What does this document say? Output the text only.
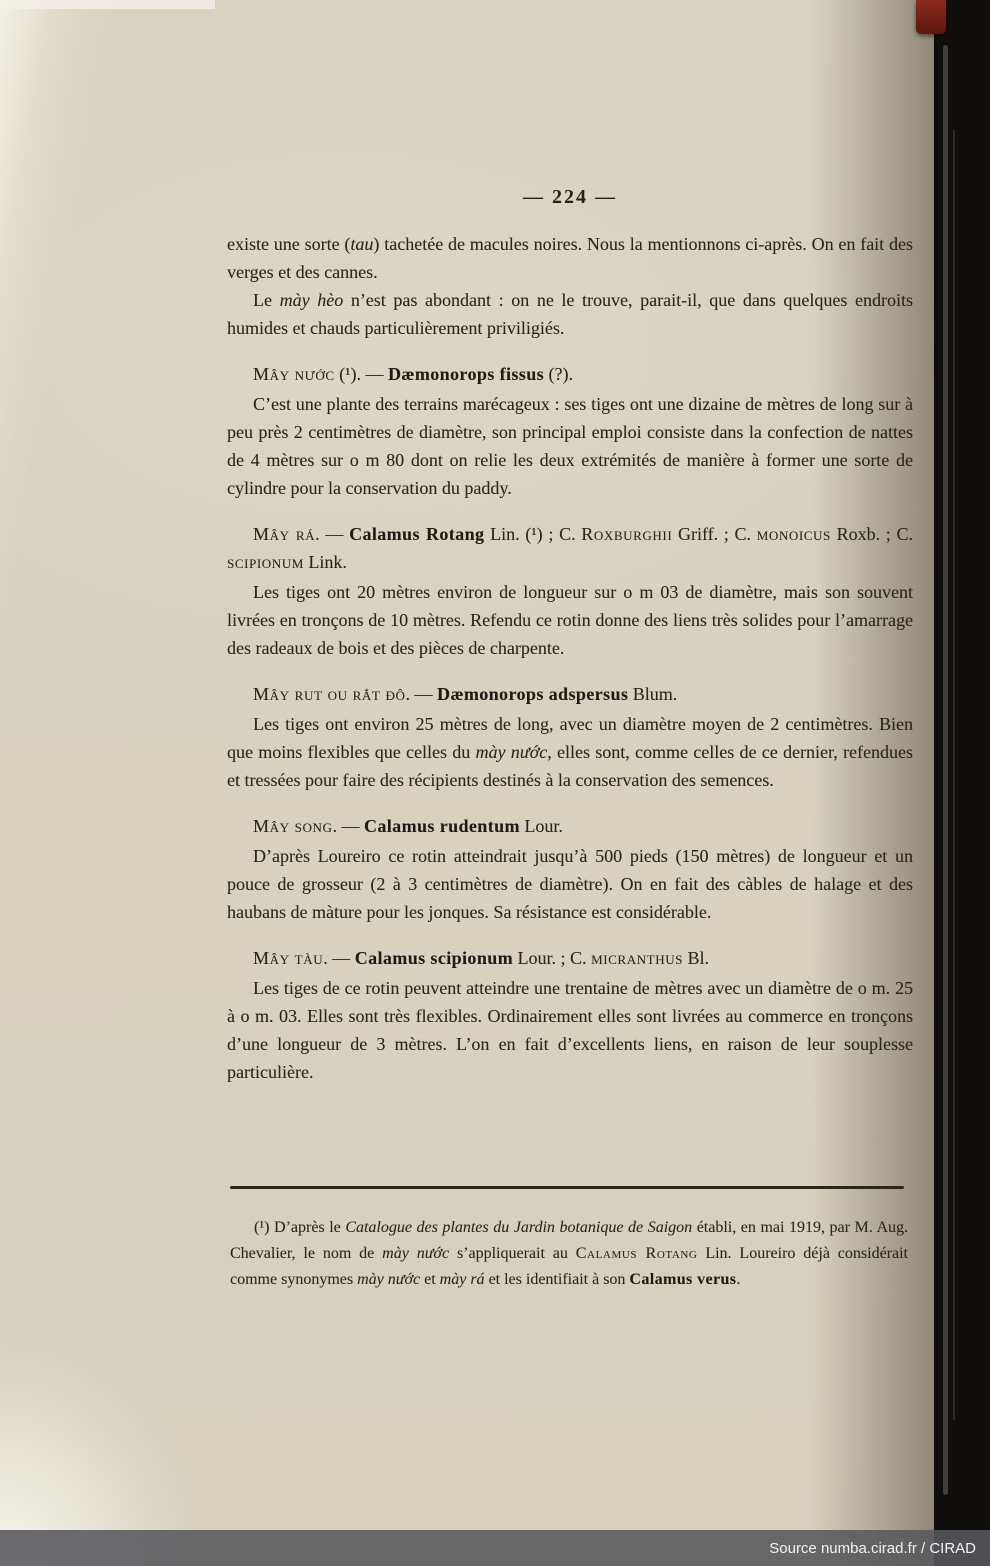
— 224 —

existe une sorte (tau) tachetée de macules noires. Nous la mentionnons ci-après. On en fait des verges et des cannes.

Le mày hèo n’est pas abondant : on ne le trouve, parait-il, que dans quelques endroits humides et chauds particulièrement priviligiés.

Mây nước (¹). — Dæmonorops fissus (?).

C’est une plante des terrains marécageux : ses tiges ont une dizaine de mètres de long sur à peu près 2 centimètres de diamètre, son principal emploi consiste dans la confection de nattes de 4 mètres sur o m 80 dont on relie les deux extrémités de manière à former une sorte de cylindre pour la conservation du paddy.

Mây rá. — Calamus Rotang Lin. (¹) ; C. Roxburghii Griff. ; C. monoicus Roxb. ; C. scipionum Link.

Les tiges ont 20 mètres environ de longueur sur o m 03 de diamètre, mais son souvent livrées en tronçons de 10 mètres. Refendu ce rotin donne des liens très solides pour l’amarrage des radeaux de bois et des pièces de charpente.

Mây rut ou rắt đô. — Dæmonorops adspersus Blum.

Les tiges ont environ 25 mètres de long, avec un diamètre moyen de 2 centimètres. Bien que moins flexibles que celles du mày nước, elles sont, comme celles de ce dernier, refendues et tressées pour faire des récipients destinés à la conservation des semences.

Mây song. — Calamus rudentum Lour.

D’après Loureiro ce rotin atteindrait jusqu’à 500 pieds (150 mètres) de longueur et un pouce de grosseur (2 à 3 centimètres de diamètre). On en fait des càbles de halage et des haubans de màture pour les jonques. Sa résistance est considérable.

Mây tàu. — Calamus scipionum Lour. ; C. micranthus Bl.

Les tiges de ce rotin peuvent atteindre une trentaine de mètres avec un diamètre de o m. 25 à o m. 03. Elles sont très flexibles. Ordinairement elles sont livrées au commerce en tronçons d’une longueur de 3 mètres. L’on en fait d’excellents liens, en raison de leur souplesse particulière.

(¹) D’après le Catalogue des plantes du Jardin botanique de Saigon établi, en mai 1919, par M. Aug. Chevalier, le nom de mày nước s’appliquerait au Calamus Rotang Lin. Loureiro déjà considérait comme synonymes mày nước et mày rá et les identifiait à son Calamus verus.

Source numba.cirad.fr / CIRAD
